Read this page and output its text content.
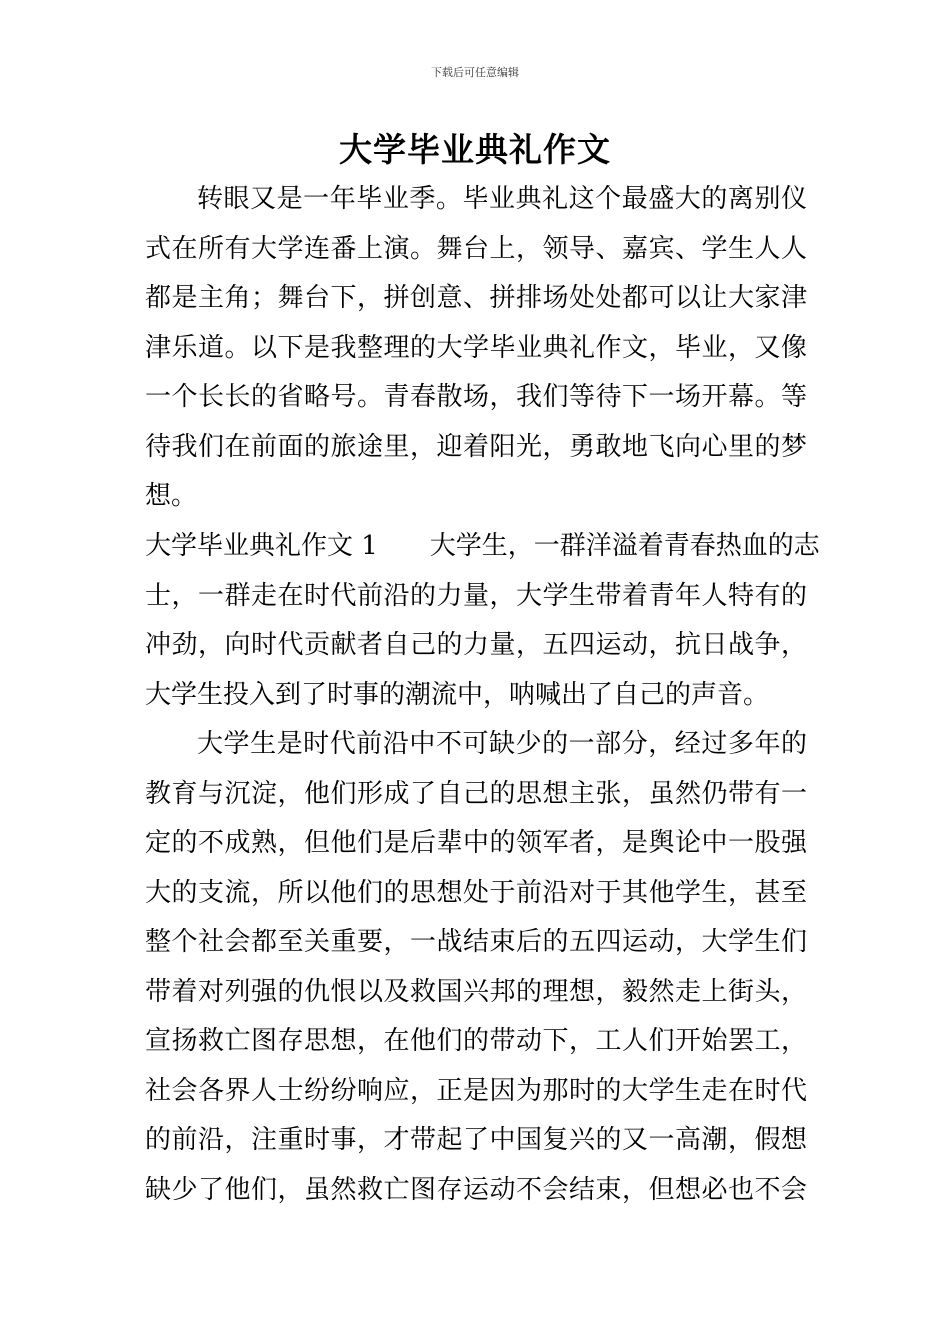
下载后可任意编辑
大学毕业典礼作文
转眼又是一年毕业季。毕业典礼这个最盛大的离别仪
式在所有大学连番上演。舞台上，领导、嘉宾、学生人人
都是主角；舞台下，拼创意、拼排场处处都可以让大家津
津乐道。以下是我整理的大学毕业典礼作文，毕业，又像
一个长长的省略号。青春散场，我们等待下一场开幕。等
待我们在前面的旅途里，迎着阳光，勇敢地飞向心里的梦
想。
大学毕业典礼作文 1　　大学生，一群洋溢着青春热血的志
士，一群走在时代前沿的力量，大学生带着青年人特有的
冲劲，向时代贡献者自己的力量，五四运动，抗日战争，
大学生投入到了时事的潮流中，呐喊出了自己的声音。
大学生是时代前沿中不可缺少的一部分，经过多年的
教育与沉淀，他们形成了自己的思想主张，虽然仍带有一
定的不成熟，但他们是后辈中的领军者，是舆论中一股强
大的支流，所以他们的思想处于前沿对于其他学生，甚至
整个社会都至关重要，一战结束后的五四运动，大学生们
带着对列强的仇恨以及救国兴邦的理想，毅然走上街头，
宣扬救亡图存思想，在他们的带动下，工人们开始罢工，
社会各界人士纷纷响应，正是因为那时的大学生走在时代
的前沿，注重时事，才带起了中国复兴的又一高潮，假想
缺少了他们，虽然救亡图存运动不会结束，但想必也不会
